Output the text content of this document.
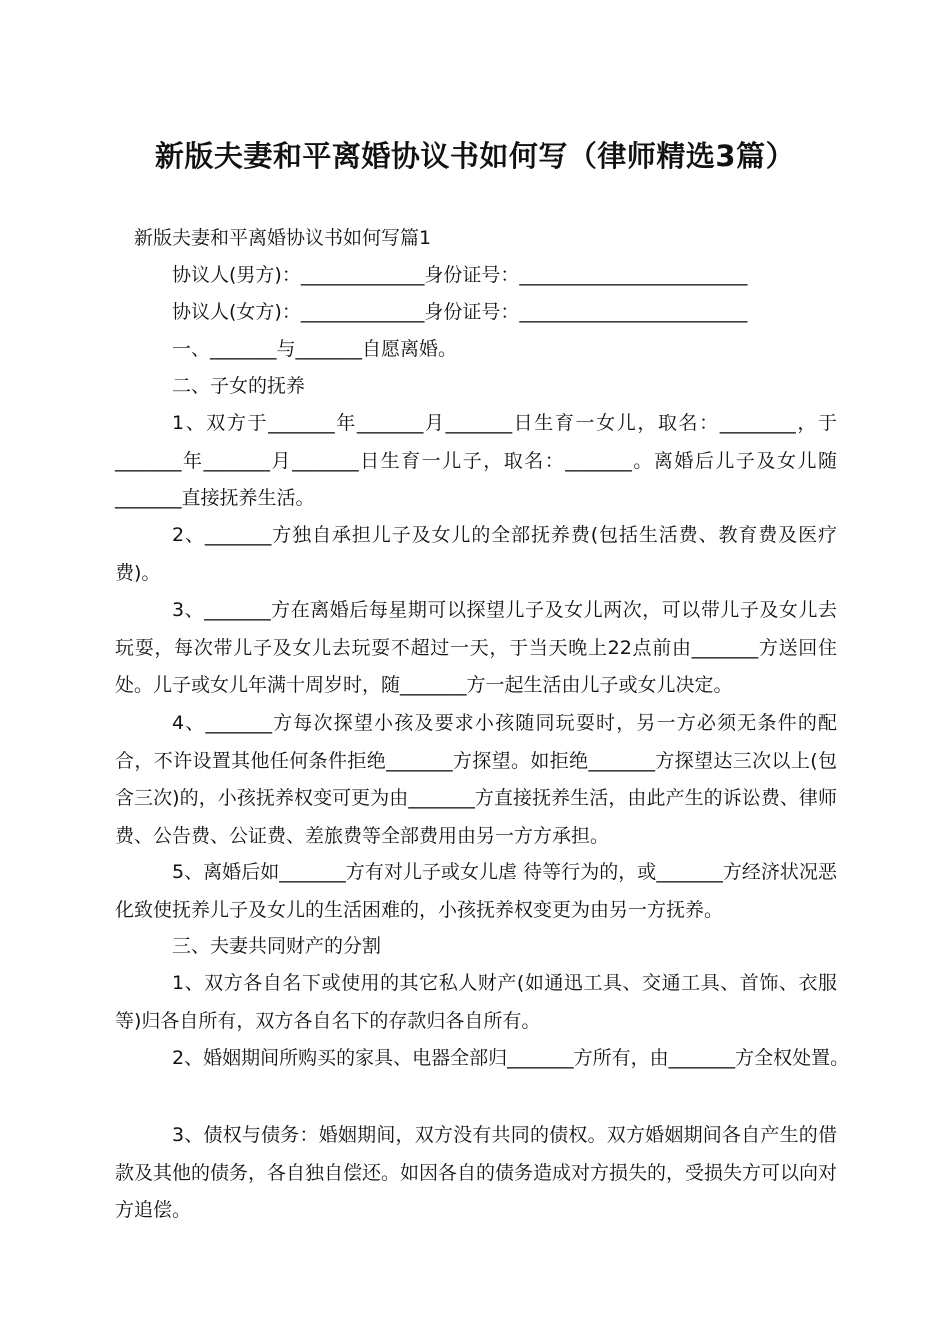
新版夫妻和平离婚协议书如何写（律师精选3篇）
新版夫妻和平离婚协议书如何写篇1
协议人(男方)：_____________身份证号：________________________
协议人(女方)：_____________身份证号：________________________
一、_______与_______自愿离婚。
二、子女的抚养
1、双方于_______年_______月_______日生育一女儿，取名：________，于_______年_______月_______日生育一儿子，取名：_______。离婚后儿子及女儿随_______直接抚养生活。
2、_______方独自承担儿子及女儿的全部抚养费(包括生活费、教育费及医疗费)。
3、_______方在离婚后每星期可以探望儿子及女儿两次，可以带儿子及女儿去玩耍，每次带儿子及女儿去玩耍不超过一天，于当天晚上22点前由_______方送回住处。儿子或女儿年满十周岁时，随_______方一起生活由儿子或女儿决定。
4、_______方每次探望小孩及要求小孩随同玩耍时，另一方必须无条件的配合，不许设置其他任何条件拒绝_______方探望。如拒绝_______方探望达三次以上(包含三次)的，小孩抚养权变可更为由_______方直接抚养生活，由此产生的诉讼费、律师费、公告费、公证费、差旅费等全部费用由另一方方承担。
5、离婚后如_______方有对儿子或女儿虐 待等行为的，或_______方经济状况恶化致使抚养儿子及女儿的生活困难的，小孩抚养权变更为由另一方抚养。
三、夫妻共同财产的分割
1、双方各自名下或使用的其它私人财产(如通迅工具、交通工具、首饰、衣服等)归各自所有，双方各自名下的存款归各自所有。
2、婚姻期间所购买的家具、电器全部归_______方所有，由_______方全权处置。
3、债权与债务：婚姻期间，双方没有共同的债权。双方婚姻期间各自产生的借款及其他的债务，各自独自偿还。如因各自的债务造成对方损失的，受损失方可以向对方追偿。
